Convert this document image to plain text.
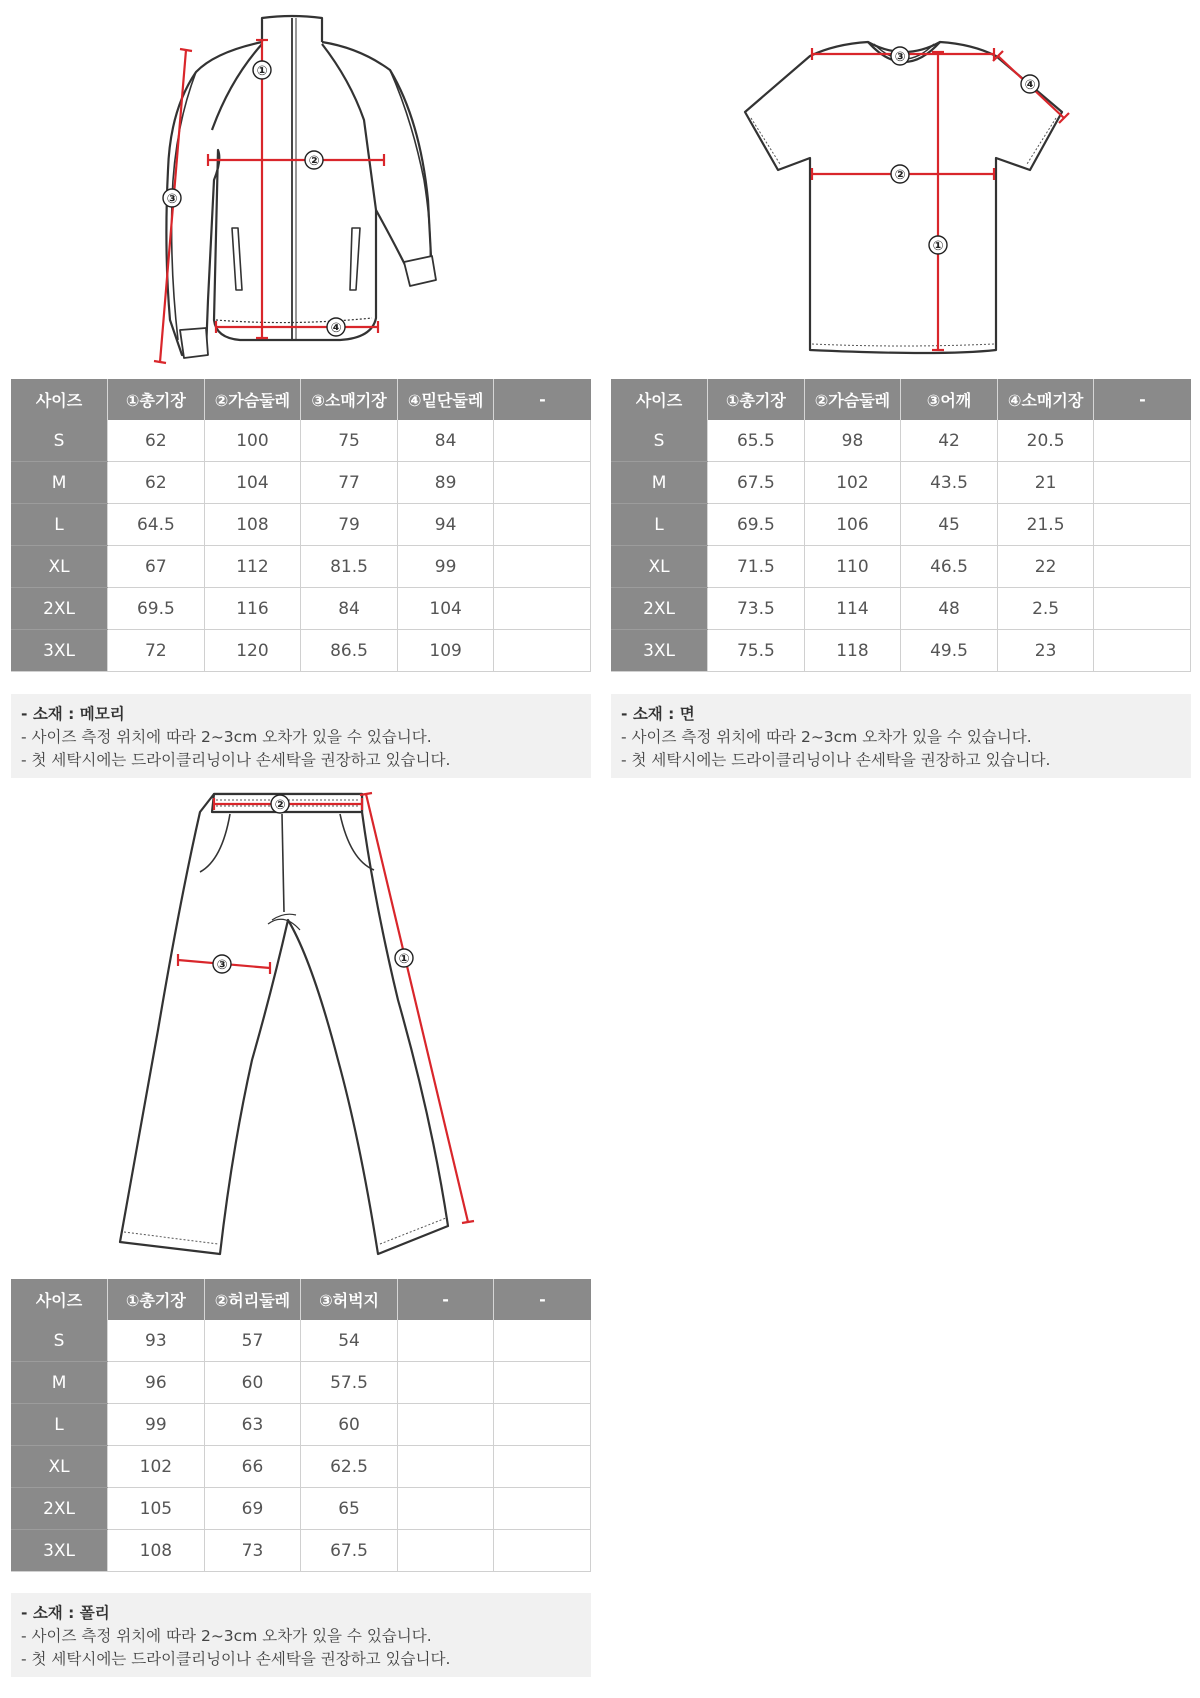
①
②
③
④
③
④
②
①
사이즈	①총기장	②가슴둘레	③소매기장	④밑단둘레	-
S	62	100	75	84	
M	62	104	77	89	
L	64.5	108	79	94	
XL	67	112	81.5	99	
2XL	69.5	116	84	104	
3XL	72	120	86.5	109	
사이즈	①총기장	②가슴둘레	③어깨	④소매기장	-
S	65.5	98	42	20.5	
M	67.5	102	43.5	21	
L	69.5	106	45	21.5	
XL	71.5	110	46.5	22	
2XL	73.5	114	48	2.5	
3XL	75.5	118	49.5	23	
- 소재 : 메모리
- 사이즈 측정 위치에 따라 2~3cm 오차가 있을 수 있습니다.
- 첫 세탁시에는 드라이클리닝이나 손세탁을 권장하고 있습니다.
- 소재 : 면
- 사이즈 측정 위치에 따라 2~3cm 오차가 있을 수 있습니다.
- 첫 세탁시에는 드라이클리닝이나 손세탁을 권장하고 있습니다.
②
③	①
사이즈	①총기장	②허리둘레	③허벅지	-	-
S	93	57	54		
M	96	60	57.5		
L	99	63	60		
XL	102	66	62.5		
2XL	105	69	65		
3XL	108	73	67.5		
- 소재 : 폴리
- 사이즈 측정 위치에 따라 2~3cm 오차가 있을 수 있습니다.
- 첫 세탁시에는 드라이클리닝이나 손세탁을 권장하고 있습니다.
